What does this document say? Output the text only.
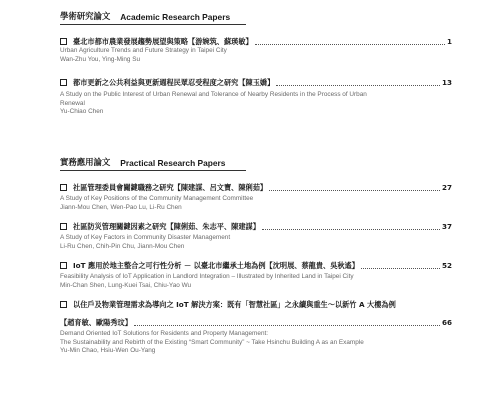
學術研究論文 Academic Research Papers
臺北市都市農業發展趨勢展望與策略【游婉筑、蘇瑛敏】	1
Urban Agriculture Trends and Future Strategy in Taipei City
Wan-Zhu You, Ying-Ming Su
都市更新之公共利益與更新週程民眾忍受程度之研究【陳玉嬌】	13
A Study on the Public Interest of Urban Renewal and Tolerance of Nearby Residents in the Process of Urban
Renewal
Yu-Chiao Chen
實務應用論文 Practical Research Papers
社區管理委員會關鍵職務之研究【陳建謀、呂文寶、陳俐茹】	27
A Study of Key Positions of the Community Management Committee
Jiann-Mou Chen, Wen-Pao Lu, Li-Ru Chen
社區防災管理關鍵因素之研究【陳俐茹、朱志平、陳建謀】	37
A Study of Key Factors in Community Disaster Management
Li-Ru Chen, Chih-Pin Chu, Jiann-Mou Chen
IoT 應用於地主整合之可行性分析 － 以臺北市繼承土地為例【沈明展、蔡龍貴、吳秋遙】	52
Feasibility Analysis of IoT Application in Landlord Integration – Illustrated by Inherited Land in Taipei City
Min-Chan Shen, Lung-Kuei Tsai, Chiu-Yao Wu
以住戶及物業管理需求為導向之 IoT 解決方案：既有「智慧社區」之永續與重生～以新竹 A 大樓為例
【趙育敏、歐陽秀玟】	66
Demand Oriented IoT Solutions for Residents and Property Management:
The Sustainability and Rebirth of the Existing “Smart Community” ~ Take Hsinchu Building A as an Example
Yu-Min Chao, Hsiu-Wen Ou-Yang
